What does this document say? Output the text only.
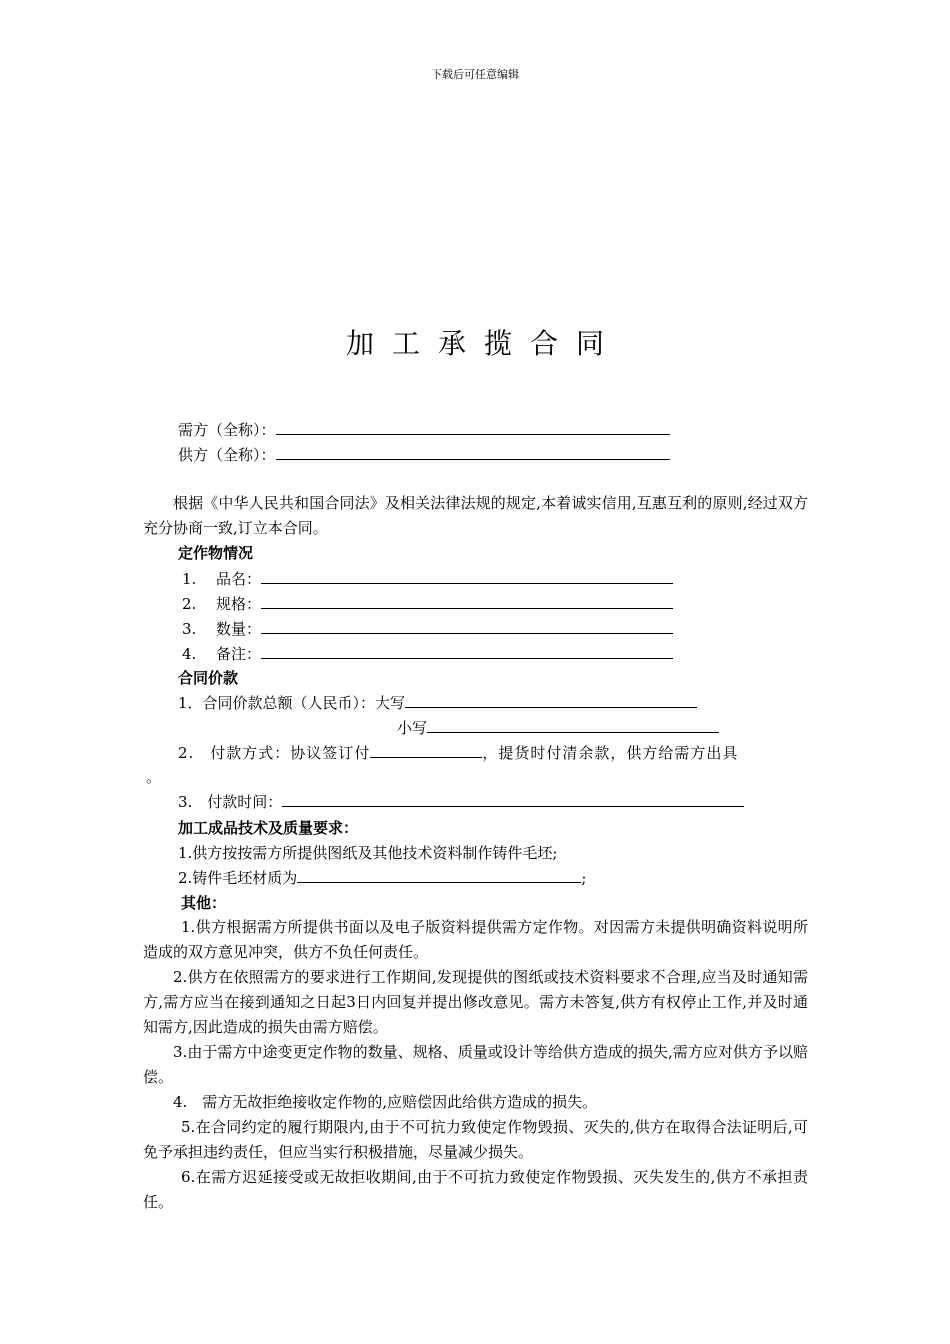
下载后可任意编辑
加工承揽合同
需方（全称）：
供方（全称）：
根据《中华人民共和国合同法》及相关法律法规的规定,本着诚实信用,互惠互利的原则,经过双方充分协商一致,订立本合同。
定作物情况
1. 品名：
2. 规格：
3. 数量：
4. 备注：
合同价款
1．合同价款总额（人民币）：大写
小写
2.　付款方式：协议签订付	，提货时付清余款，供方给需方出具
。
3.　付款时间：
加工成品技术及质量要求：
1.供方按按需方所提供图纸及其他技术资料制作铸件毛坯;
2.铸件毛坯材质为	;
其他：
1.供方根据需方所提供书面以及电子版资料提供需方定作物。对因需方未提供明确资料说明所造成的双方意见冲突，供方不负任何责任。
2.供方在依照需方的要求进行工作期间,发现提供的图纸或技术资料要求不合理,应当及时通知需方,需方应当在接到通知之日起3日内回复并提出修改意见。需方未答复,供方有权停止工作,并及时通知需方,因此造成的损失由需方赔偿。
3.由于需方中途变更定作物的数量、规格、质量或设计等给供方造成的损失,需方应对供方予以赔偿。
4.　需方无故拒绝接收定作物的,应赔偿因此给供方造成的损失。
5.在合同约定的履行期限内,由于不可抗力致使定作物毁损、灭失的,供方在取得合法证明后,可免予承担违约责任，但应当实行积极措施，尽量减少损失。
6.在需方迟延接受或无故拒收期间,由于不可抗力致使定作物毁损、灭失发生的,供方不承担责任。
